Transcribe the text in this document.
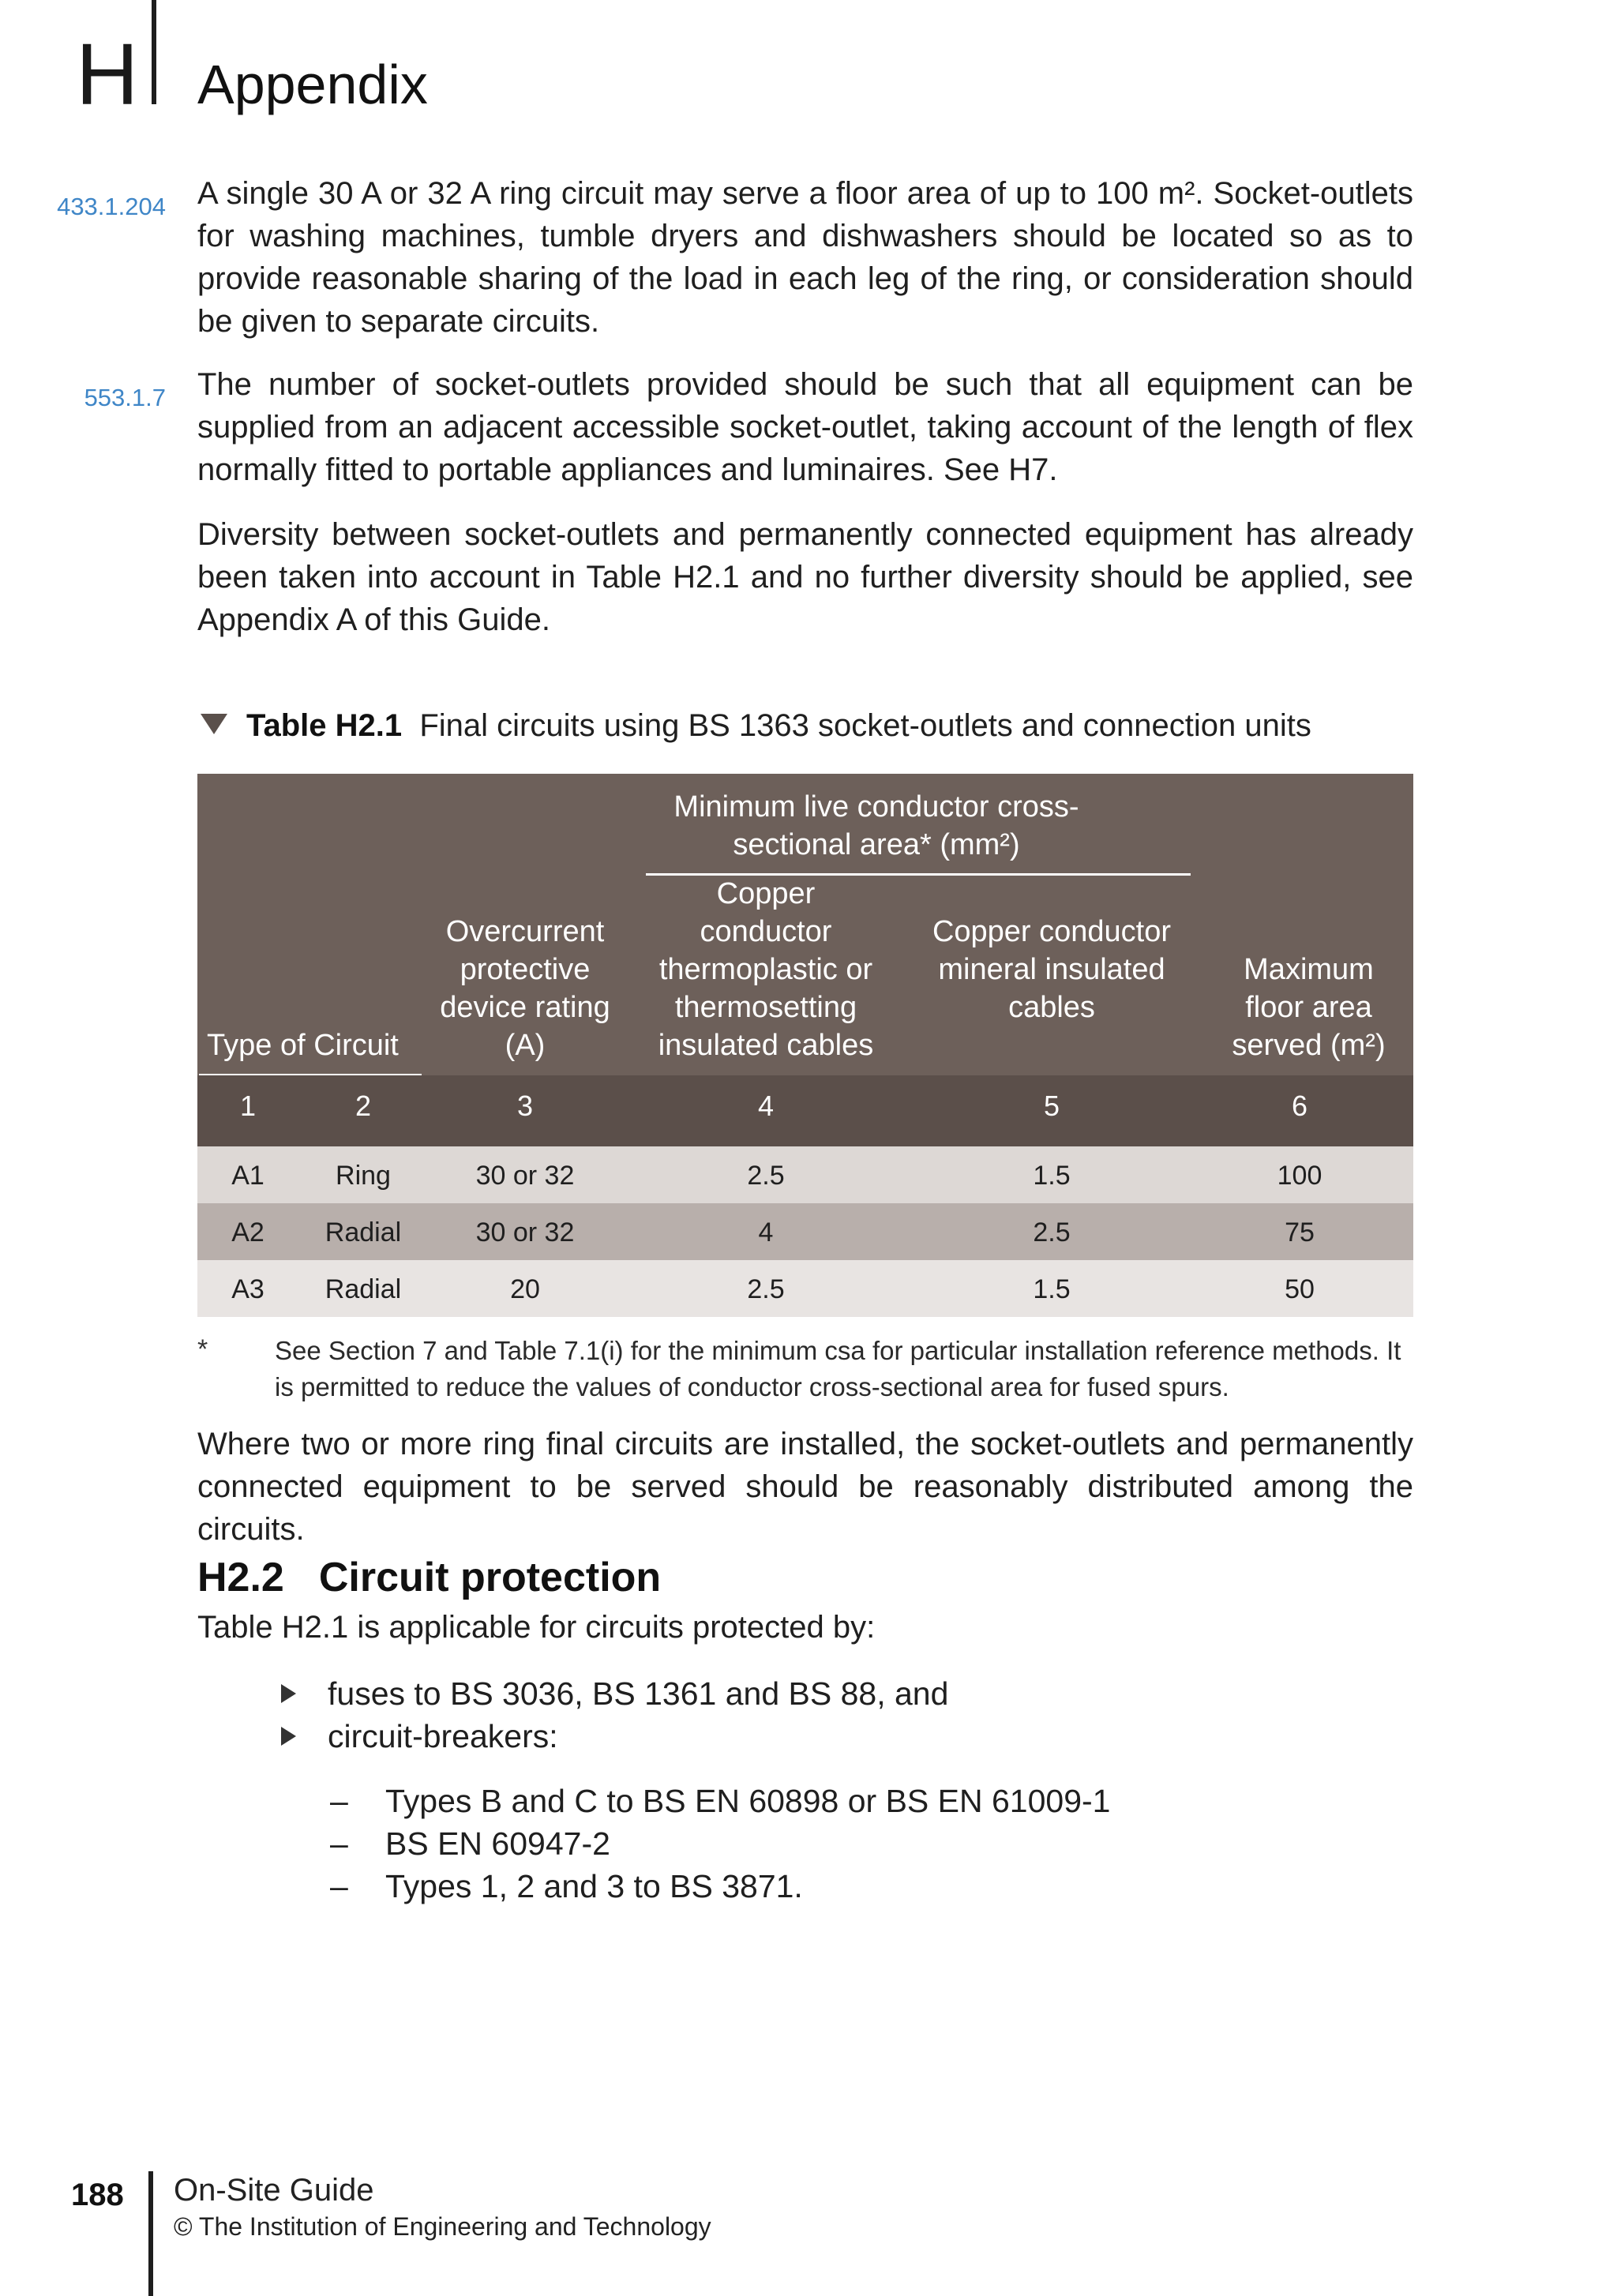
H Appendix
433.1.204 A single 30 A or 32 A ring circuit may serve a floor area of up to 100 m². Socket-outlets for washing machines, tumble dryers and dishwashers should be located so as to provide reasonable sharing of the load in each leg of the ring, or consideration should be given to separate circuits.
553.1.7 The number of socket-outlets provided should be such that all equipment can be supplied from an adjacent accessible socket-outlet, taking account of the length of flex normally fitted to portable appliances and luminaires. See H7.
Diversity between socket-outlets and permanently connected equipment has already been taken into account in Table H2.1 and no further diversity should be applied, see Appendix A of this Guide.
Table H2.1 Final circuits using BS 1363 socket-outlets and connection units
Minimum live conductor cross-sectional area* (mm²)
Type of Circuit
Overcurrent protective device rating (A)
Copper conductor thermoplastic or thermosetting insulated cables
Copper conductor mineral insulated cables
Maximum floor area served (m²)
1	2	3	4	5	6
A1	Ring	30 or 32	2.5	1.5	100
A2	Radial	30 or 32	4	2.5	75
A3	Radial	20	2.5	1.5	50
*	See Section 7 and Table 7.1(i) for the minimum csa for particular installation reference methods. It is permitted to reduce the values of conductor cross-sectional area for fused spurs.
Where two or more ring final circuits are installed, the socket-outlets and permanently connected equipment to be served should be reasonably distributed among the circuits.
H2.2 Circuit protection
Table H2.1 is applicable for circuits protected by:
fuses to BS 3036, BS 1361 and BS 88, and
circuit-breakers:
– Types B and C to BS EN 60898 or BS EN 61009-1
– BS EN 60947-2
– Types 1, 2 and 3 to BS 3871.
188 On-Site Guide
© The Institution of Engineering and Technology
